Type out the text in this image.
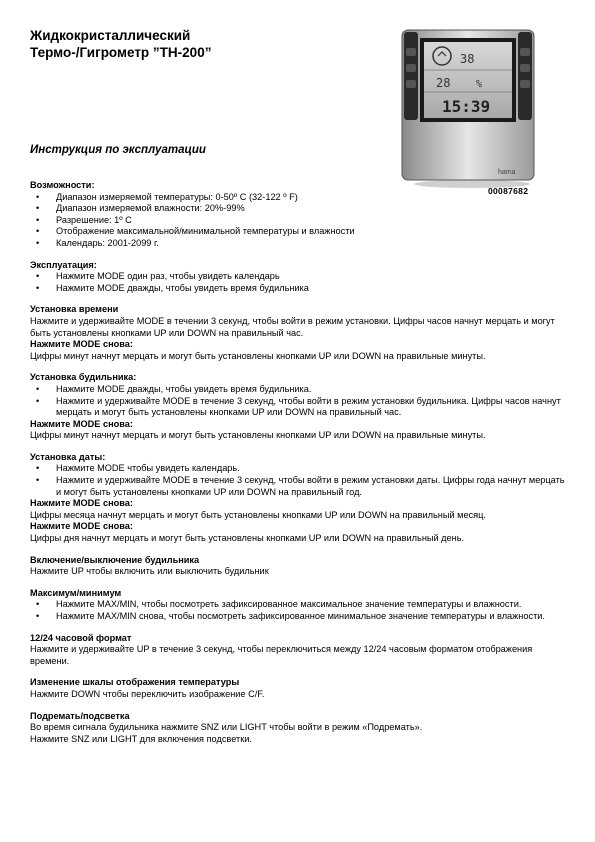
Жидкокристаллический
Термо-/Гигрометр ”TH-200”	38
28	%
15:39
hama
00087682
Инструкция по эксплуатации
Возможности:
• Диапазон измеряемой температуры: 0-50º C (32-122 º F)
• Диапазон измеряемой влажности: 20%-99%
• Разрешение: 1º C
• Отображение максимальной/минимальной температуры и влажности
• Календарь: 2001-2099 г.
Эксплуатация:
• Нажмите MODE один раз, чтобы увидеть календарь
• Нажмите MODE дважды, чтобы увидеть время будильника
Установка времени

Нажмите и удерживайте MODE в течении 3 секунд, чтобы войти в режим установки. Цифры часов начнут мерцать и могут быть установлены кнопками UP или DOWN на правильный час.

Нажмите MODE снова:

Цифры минут начнут мерцать и могут быть установлены кнопками UP или DOWN на правильные минуты.

Установка будильника:
• Нажмите MODE дважды, чтобы увидеть время будильника.
• Нажмите и удерживайте MODE в течение 3 секунд, чтобы войти в режим установки будильника. Цифры часов начнут мерцать и могут быть установлены кнопками UP или DOWN на правильный час.
Нажмите MODE снова:

Цифры минут начнут мерцать и могут быть установлены кнопками UP или DOWN на правильные минуты.

Установка даты:
• Нажмите MODE чтобы увидеть календарь.
• Нажмите и удерживайте MODE в течение 3 секунд, чтобы войти в режим установки даты. Цифры года начнут мерцать и могут быть установлены кнопками UP или DOWN на правильный год.
Нажмите MODE снова:

Цифры месяца начнут мерцать и могут быть установлены кнопками UP или DOWN на правильный месяц.

Нажмите MODE снова:

Цифры дня начнут мерцать и могут быть установлены кнопками UP или DOWN на правильный день.

Включение/выключение будильника

Нажмите UP чтобы включить или выключить будильник

Максимум/минимум
• Нажмите MAX/MIN, чтобы посмотреть зафиксированное максимальное значение температуры и влажности.
• Нажмите MAX/MIN снова, чтобы посмотреть зафиксированное минимальное значение температуры и влажности.
12/24 часовой формат

Нажмите и удерживайте UP в течение 3 секунд, чтобы переключиться между 12/24 часовым форматом отображения времени.

Изменение шкалы отображения температуры

Нажмите DOWN чтобы переключить изображение C/F.

Подремать/подсветка

Во время сигнала будильника нажмите SNZ или LIGHT чтобы войти в режим «Подремать».

Нажмите SNZ или LIGHT для включения подсветки.
